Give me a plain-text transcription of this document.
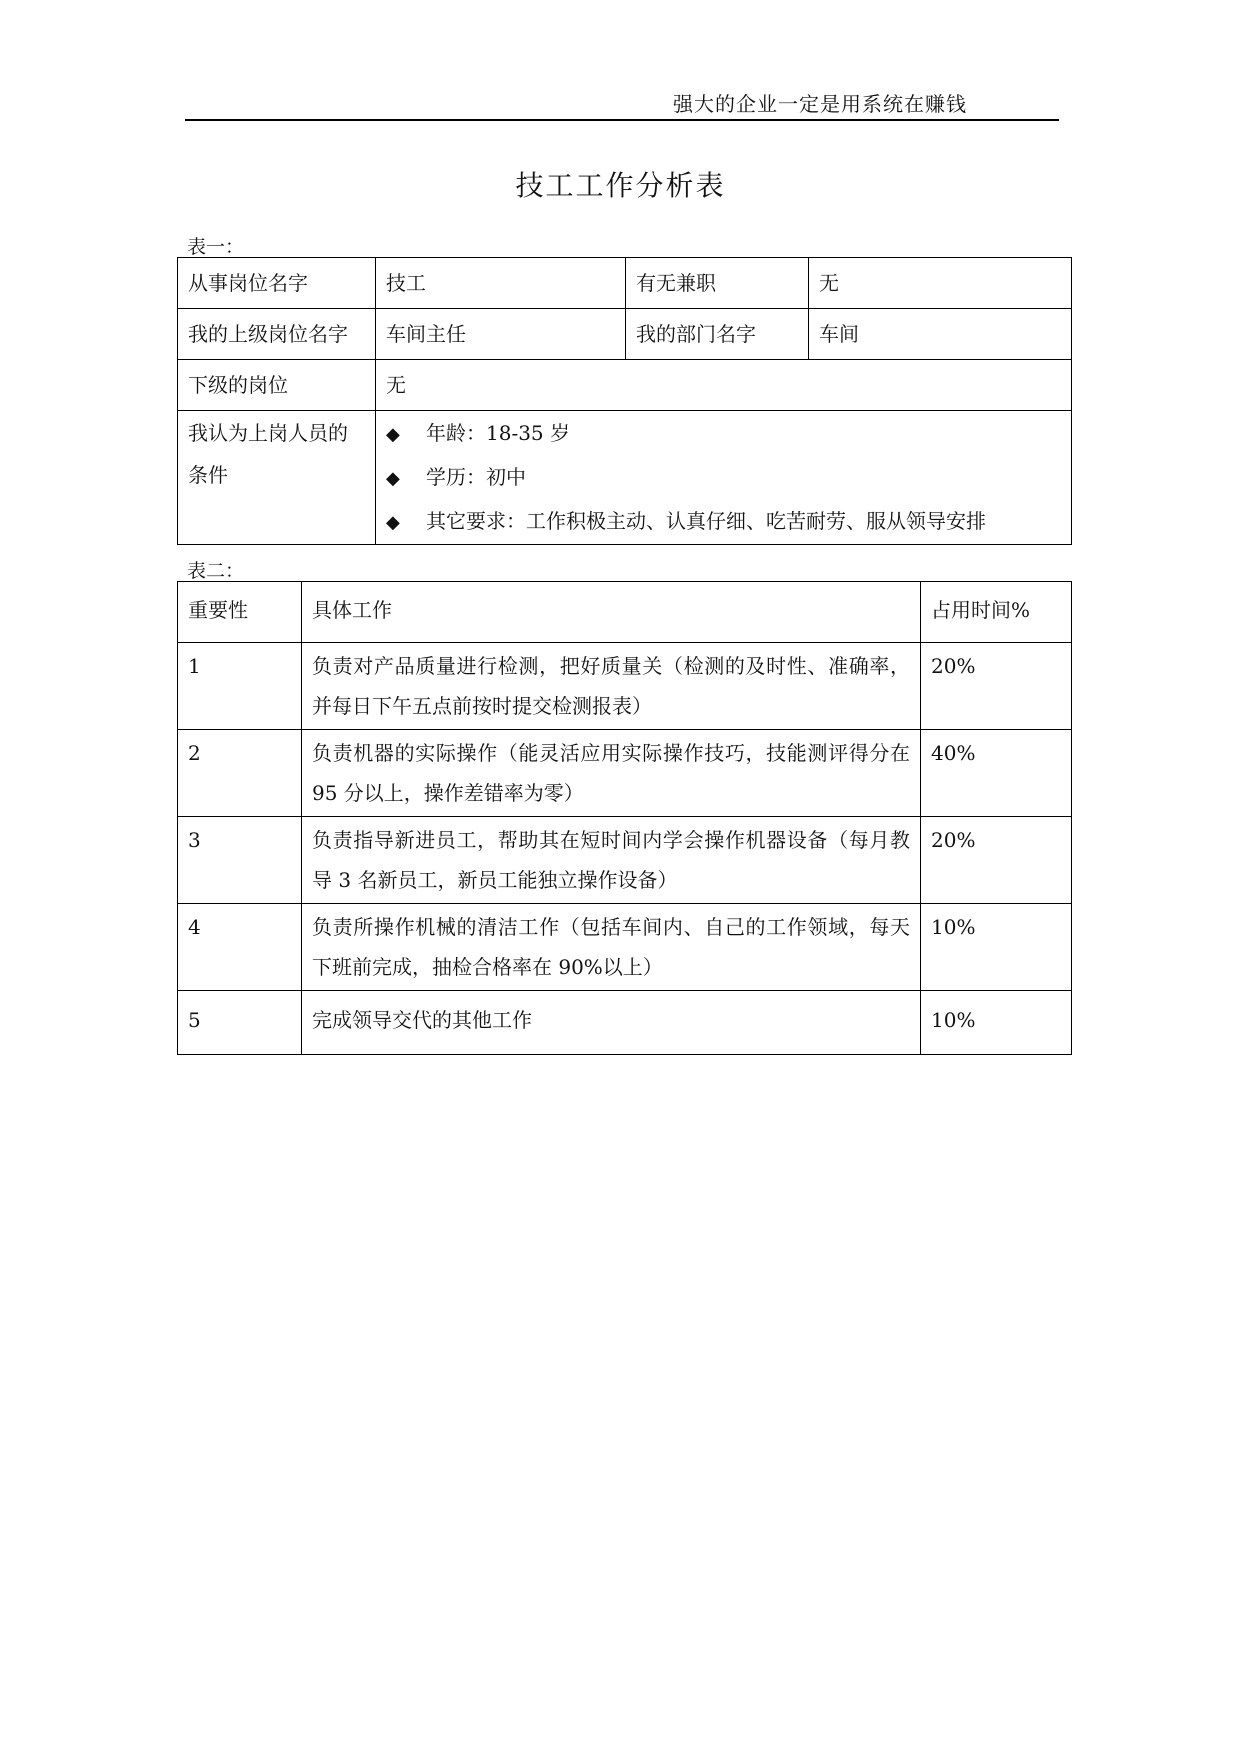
强大的企业一定是用系统在赚钱
技工工作分析表
表一：
从事岗位名字	技工	有无兼职	无
我的上级岗位名字	车间主任	我的部门名字	车间
下级的岗位	无		
我认为上岗人员的条件	◆ 年龄：18-35 岁
◆ 学历：初中
◆ 其它要求：工作积极主动、认真仔细、吃苦耐劳、服从领导安排		
表二：
重要性	具体工作	占用时间%
1	负责对产品质量进行检测，把好质量关（检测的及时性、准确率，并每日下午五点前按时提交检测报表）	20%
2	负责机器的实际操作（能灵活应用实际操作技巧，技能测评得分在 95 分以上，操作差错率为零）	40%
3	负责指导新进员工，帮助其在短时间内学会操作机器设备（每月教导 3 名新员工，新员工能独立操作设备）	20%
4	负责所操作机械的清洁工作（包括车间内、自己的工作领域，每天下班前完成，抽检合格率在 90%以上）	10%
5	完成领导交代的其他工作	10%
